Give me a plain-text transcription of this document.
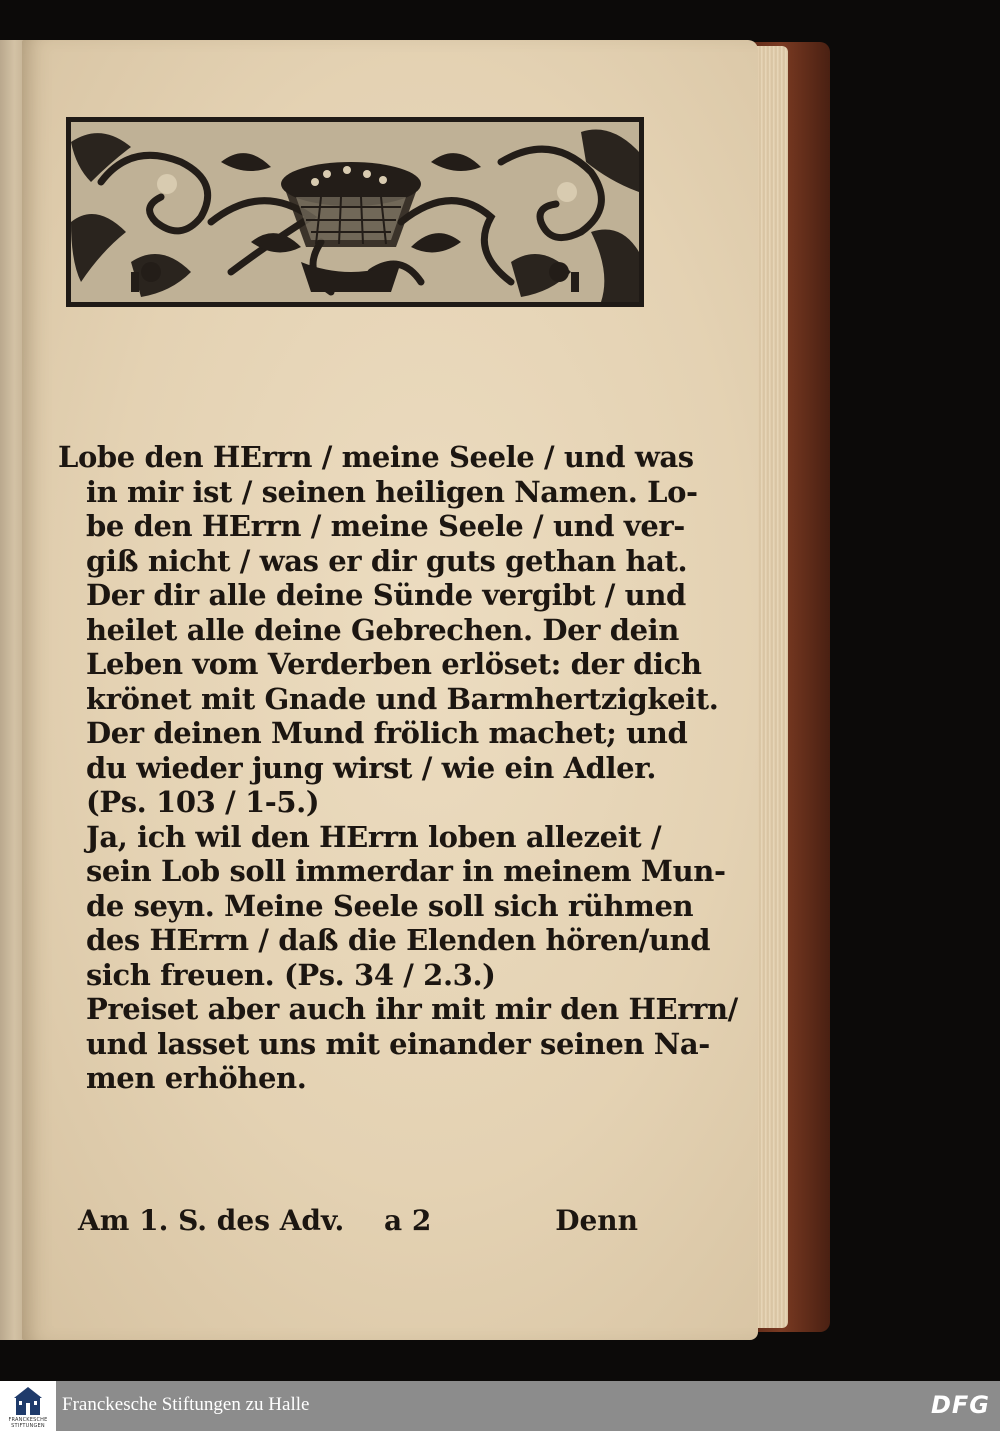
Lobe den HErrn / meine Seele / und was
in mir ist / seinen heiligen Namen. Lo-
be den HErrn / meine Seele / und ver-
giß nicht / was er dir guts gethan hat.
Der dir alle deine Sünde vergibt / und
heilet alle deine Gebrechen. Der dein
Leben vom Verderben erlöset: der dich
krönet mit Gnade und Barmhertzigkeit.
Der deinen Mund frölich machet; und
du wieder jung wirst / wie ein Adler.
(Ps. 103 / 1-5.)
Ja, ich wil den HErrn loben allezeit /
sein Lob soll immerdar in meinem Mun-
de seyn. Meine Seele soll sich rühmen
des HErrn / daß die Elenden hören/und
sich freuen. (Ps. 34 / 2.3.)
Preiset aber auch ihr mit mir den HErrn/
und lasset uns mit einander seinen Na-
men erhöhen.
Am 1. S. des Adv. a 2	Denn
FRANCKESCHE STIFTUNGEN
Franckesche Stiftungen zu Halle	DFG
